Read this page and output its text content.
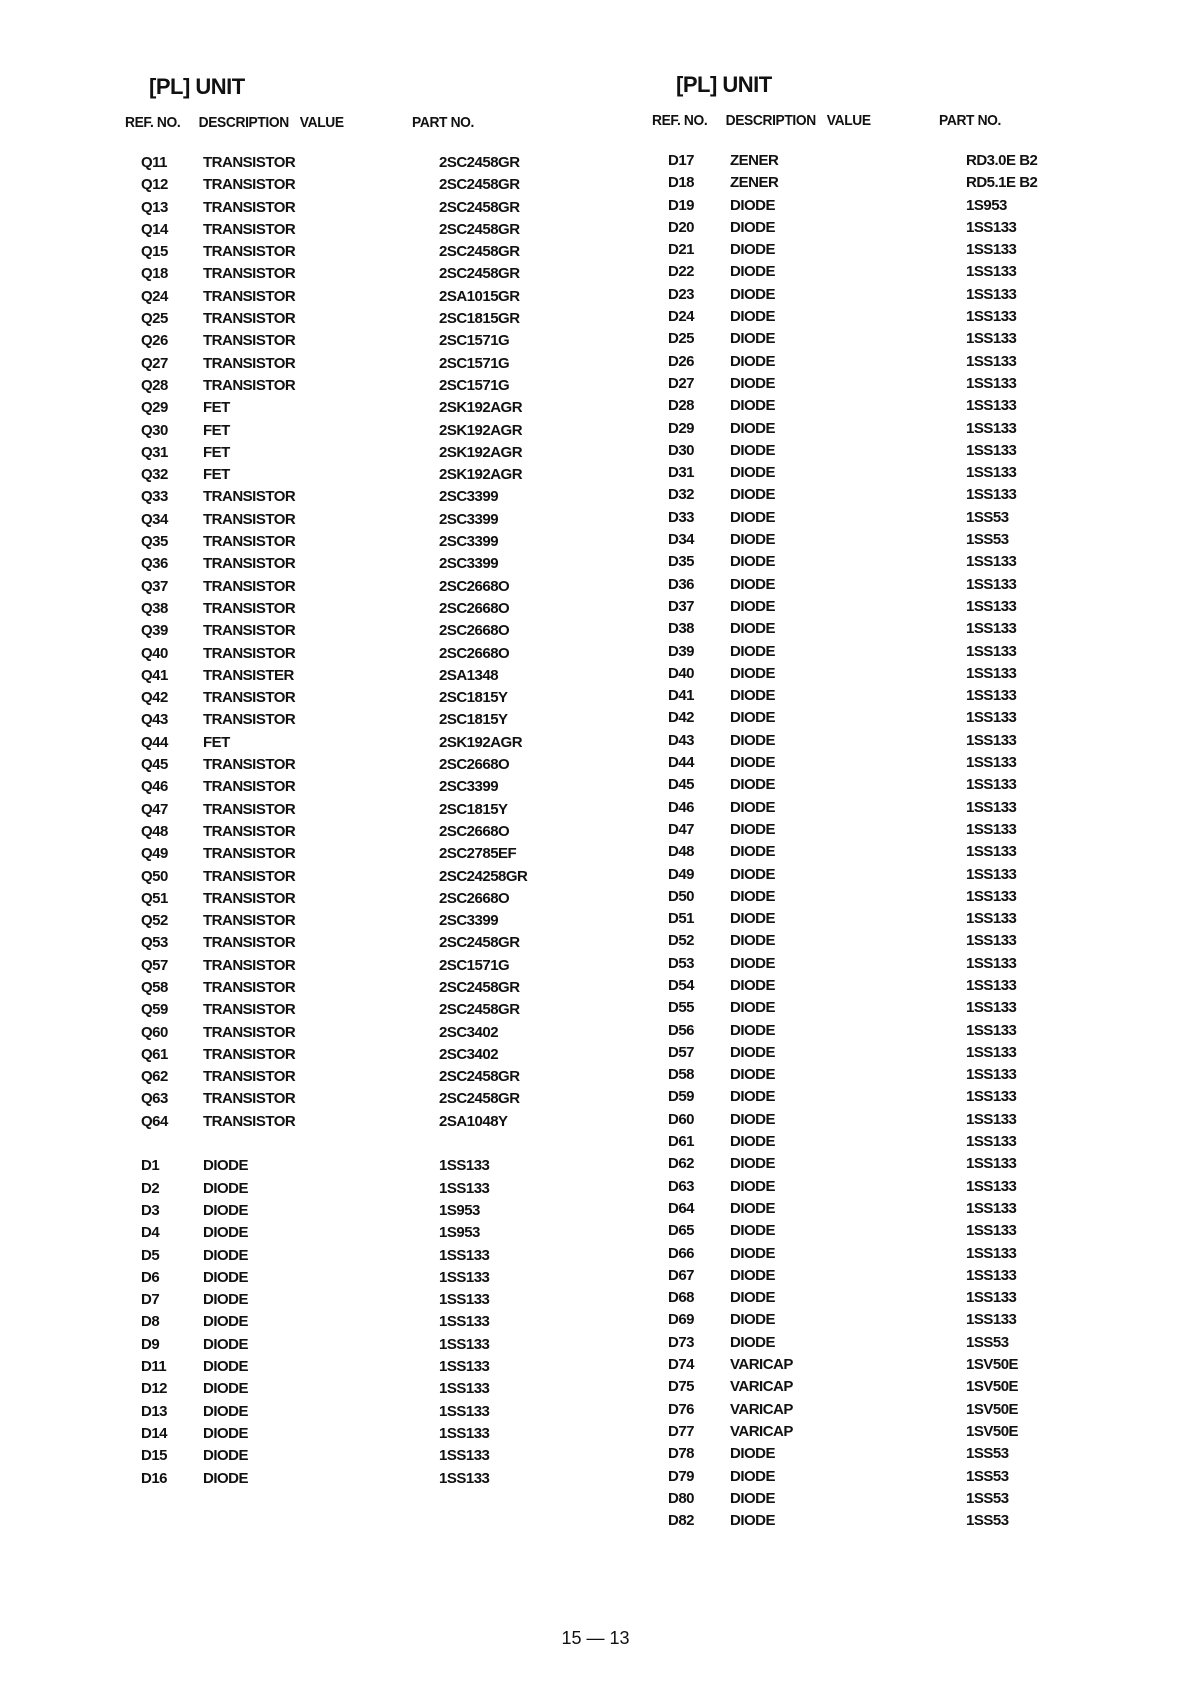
[PL] UNIT
REF. NO. DESCRIPTION VALUE	PART NO.
Q11 TRANSISTOR	2SC2458GR
Q12 TRANSISTOR	2SC2458GR
Q13 TRANSISTOR	2SC2458GR
Q14 TRANSISTOR	2SC2458GR
Q15 TRANSISTOR	2SC2458GR
Q18 TRANSISTOR	2SC2458GR
Q24 TRANSISTOR	2SA1015GR
Q25 TRANSISTOR	2SC1815GR
Q26 TRANSISTOR	2SC1571G
Q27 TRANSISTOR	2SC1571G
Q28 TRANSISTOR	2SC1571G
Q29 FET	2SK192AGR
Q30 FET	2SK192AGR
Q31 FET	2SK192AGR
Q32 FET	2SK192AGR
Q33 TRANSISTOR	2SC3399
Q34 TRANSISTOR	2SC3399
Q35 TRANSISTOR	2SC3399
Q36 TRANSISTOR	2SC3399
Q37 TRANSISTOR	2SC2668O
Q38 TRANSISTOR	2SC2668O
Q39 TRANSISTOR	2SC2668O
Q40 TRANSISTOR	2SC2668O
Q41 TRANSISTER	2SA1348
Q42 TRANSISTOR	2SC1815Y
Q43 TRANSISTOR	2SC1815Y
Q44 FET	2SK192AGR
Q45 TRANSISTOR	2SC2668O
Q46 TRANSISTOR	2SC3399
Q47 TRANSISTOR	2SC1815Y
Q48 TRANSISTOR	2SC2668O
Q49 TRANSISTOR	2SC2785EF
Q50 TRANSISTOR	2SC24258GR
Q51 TRANSISTOR	2SC2668O
Q52 TRANSISTOR	2SC3399
Q53 TRANSISTOR	2SC2458GR
Q57 TRANSISTOR	2SC1571G
Q58 TRANSISTOR	2SC2458GR
Q59 TRANSISTOR	2SC2458GR
Q60 TRANSISTOR	2SC3402
Q61 TRANSISTOR	2SC3402
Q62 TRANSISTOR	2SC2458GR
Q63 TRANSISTOR	2SC2458GR
Q64 TRANSISTOR	2SA1048Y
D1	DIODE	1SS133
D2	DIODE	1SS133
D3	DIODE	1S953
D4	DIODE	1S953
D5	DIODE	1SS133
D6	DIODE	1SS133
D7	DIODE	1SS133
D8	DIODE	1SS133
D9	DIODE	1SS133
D11 DIODE	1SS133
D12 DIODE	1SS133
D13 DIODE	1SS133
D14 DIODE	1SS133
D15 DIODE	1SS133
D16 DIODE	1SS133
[PL] UNIT
REF. NO. DESCRIPTION VALUE	PART NO.
D17 ZENER	RD3.0E B2
D18 ZENER	RD5.1E B2
D19 DIODE	1S953
D20 DIODE	1SS133
D21 DIODE	1SS133
D22 DIODE	1SS133
D23 DIODE	1SS133
D24 DIODE	1SS133
D25 DIODE	1SS133
D26 DIODE	1SS133
D27 DIODE	1SS133
D28 DIODE	1SS133
D29 DIODE	1SS133
D30 DIODE	1SS133
D31 DIODE	1SS133
D32 DIODE	1SS133
D33 DIODE	1SS53
D34 DIODE	1SS53
D35 DIODE	1SS133
D36 DIODE	1SS133
D37 DIODE	1SS133
D38 DIODE	1SS133
D39 DIODE	1SS133
D40 DIODE	1SS133
D41 DIODE	1SS133
D42 DIODE	1SS133
D43 DIODE	1SS133
D44 DIODE	1SS133
D45 DIODE	1SS133
D46 DIODE	1SS133
D47 DIODE	1SS133
D48 DIODE	1SS133
D49 DIODE	1SS133
D50 DIODE	1SS133
D51 DIODE	1SS133
D52 DIODE	1SS133
D53 DIODE	1SS133
D54 DIODE	1SS133
D55 DIODE	1SS133
D56 DIODE	1SS133
D57 DIODE	1SS133
D58 DIODE	1SS133
D59 DIODE	1SS133
D60 DIODE	1SS133
D61 DIODE	1SS133
D62 DIODE	1SS133
D63 DIODE	1SS133
D64 DIODE	1SS133
D65 DIODE	1SS133
D66 DIODE	1SS133
D67 DIODE	1SS133
D68 DIODE	1SS133
D69 DIODE	1SS133
D73 DIODE	1SS53
D74 VARICAP	1SV50E
D75 VARICAP	1SV50E
D76 VARICAP	1SV50E
D77 VARICAP	1SV50E
D78 DIODE	1SS53
D79 DIODE	1SS53
D80 DIODE	1SS53
D82 DIODE	1SS53
15 — 13
